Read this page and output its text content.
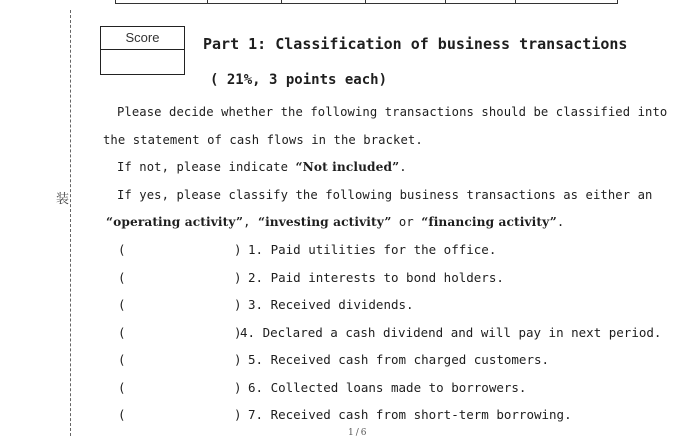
装
Score	Part 1: Classification of business transactions
( 21%, 3 points each)
Please decide whether the following transactions should be classified into
the statement of cash flows in the bracket.
If not, please indicate “Not included”.
If yes, please classify the following business transactions as either an
“operating activity”, “investing activity” or “financing activity”.
(	) 1. Paid utilities for the office.
(	) 2. Paid interests to bond holders.
(	) 3. Received dividends.
(	)
4. Declared a cash dividend and will pay in next period.
(	) 5. Received cash from charged customers.
(	) 6. Collected loans made to borrowers.
(	) 7. Received cash from short-term borrowing.
1/6
